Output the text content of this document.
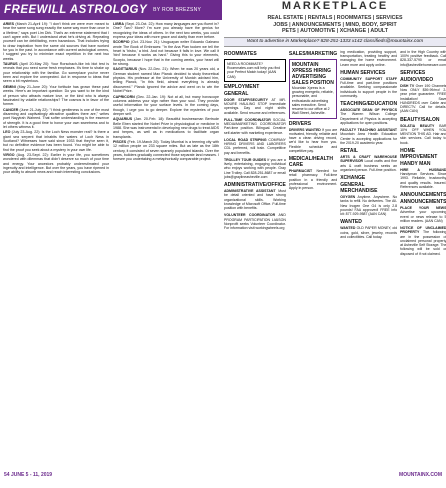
FREEWILL ASTROLOGY BY ROB BREZSNY

ARIES (March 21-April 19): "I don't think we were ever meant to hear the same song sung exactly the same way more than once in a lifetime," says poet Lim Dirk. That's an extreme statement that I can't agree with. But I understand what he's driving at. Repeating yourself can be debilitating, even hazardous. That includes trying to draw inspiration from the same old sources that have worked for you in the past. In accordance with current astrological omens, I suggest you try to minimize exact repetition in the next two weeks.

TAURUS (April 20-May 20): Your Rorschach-like ink blot test is reveals that you need some fresh emphases. It's time to shake up your relationship with the familiar. Go someplace you've never been and explore the unexpected. Act in response to ideas that seem a bit mysterious.

GEMINI (May 21-June 20): Your fortitude has grown these past weeks. Here's an important question: Do you want to be the kind of person who attracts mature love, or the kind who is always fascinated by volatile relationships? The cosmos is in favor of the former.

CANCER (June 21-July 22): "I think gentleness is one of the most disarming and captivatingly attractive qualities there are," writes poet Nayyirah Waheed. That softer understanding is the essence of strength. It is a good time to honor your own sweetness and to let others witness it.

LEO (July 23-Aug. 22): Is the Loch Ness monster real? Is there a giant sea serpent that inhabits the waters of Loch Ness in Scotland? Witnesses have said since 1933 that they've seen it, but no definitive evidence has been found. You might be able to find the proof you seek about a mystery in your own life.

VIRGO (Aug. 23-Sept. 22): Earlier in your life, you sometimes wondered with dilemmas that didn't deserve so much of your time and energy. Your ancestors probably underestimated your ingenuity and intelligence. But over the years, you have ripened in your ability to absorb news and reach interesting conclusions.

LIBRA (Sept. 23-Oct. 22): How many languages are you fluent in? One? Two? More? I'm sure you already have the genius for recognizing the ideas of others. In the next two weeks, you could express your ideas with more grace and clarity than ever before.

SCORPIO (Oct. 23-Nov. 21): Uruguayan writer Eduardo Galeano wrote The Book of Embraces: "In the Ana Plan tooken we tell the heart is 'bisbo,' a bird. And not because it falls in love. We call it 'bird' because it works as hard." Giving this to your elements, Scorpio, because I hope that in the coming weeks, your heart will be strong.

SAGITTARIUS (Nov. 22-Dec. 21): When he was 20 years old, a German student named Max Planck decided to study theoretical physics. His professor at the University of Munich advised him, telling Planck, "In this field, almost everything is already discovered." Planck ignored the advice and went on to win the Nobel Prize.

CAPRICORN (Dec. 22-Jan. 19): Not at all, but many horoscope columns address your sign rather than your soul. They provide useful information for your surface levels. In the coming days, though, I urge you to go deeper. Explore the mysteries of your deeper self.

AQUARIUS (Jan. 20-Feb. 18): Beautiful businessman Bertrude Belle Eben started the Nobel Prize in physiological or medicine in 1988. She was instrumental in developing new drugs to treat AIDS and herpes, as well as in medications to facilitate organ transplants.

PISCES (Feb. 19-March 20): Today Mumbai is a teeming city with 12 million people on 233 square miles. But as late as the 18th century, it consisted of seven sparsely populated islands. Over the years, builders gradually connected those separate land masses. I foresee you undertaking a metaphorically comparable project.

MARKETPLACE
REAL ESTATE | RENTALS | ROOMMATES | SERVICES
JOBS | ANNOUNCEMENTS | MIND, BODY, SPIRIT
PETS | AUTOMOTIVE | XCHANGE | ADULT
Want to advertise in Marketplace? 828-251-1333 x142 classifieds@mountainx.com
ROOMMATES
NEED A ROOMMATE? Roommates.com will help you find your Perfect Match today! (AAN CAN)
EMPLOYMENT
GENERAL
DOOR STAFF/SECURITY AT MR. MOURE HAULING STOP Immediate openings. Day and night shifts available. Send resume and references.
FULL-TIME COORDINATOR SOCIAL MEDIA/MARKETING COORDINATOR Part-time position. Bilingual. Creative self-starter with marketing experience.
LOCAL ROAD STRIPING COMPANY HIRING DRIVERS AND LABORERS CDL preferred, will train. Competitive pay and benefits.
TROLLEY TOUR GUIDES If you are a lively, entertaining, engaging individual who enjoys working with people. Gray Line Trolley. Call 828-251-8687 or email jobs@graylineasheville.com
ADMINISTRATIVE/OFFICE
ADMINISTRATIVE ASSISTANT Must be detail oriented and have strong organizational skills. Working knowledge of Microsoft Office. Full-time position with benefits.
VOLUNTEER COORDINATOR AND PROGRAM PARTICIPATION LIAISON Nonprofit seeks Volunteer Coordinator. For information visit workingwheels.org
SALES/MARKETING
MOUNTAIN XPRESS HIRING ADVERTISING SALES POSITION
Mountain Xpress is a growing energetic, reliable, personable, and enthusiastic advertising sales executive. Send resume to our office at 2 Wall Street, Asheville.
DRIVERS
DRIVERS WANTED If you are motivated, friendly, reliable and have a clean driving record, we'd like to hear from you. Flexible schedule and competitive pay.
MEDICAL/HEALTH CARE
PHARMACIST Needed for retail pharmacy. Full-time position in a friendly and professional environment. Apply in person.
ing medication, providing support, transportation, treating healthy and managing the home environment. Learn more and apply online.
HUMAN SERVICES
COMMUNITY SUPPORT STAFF Full-time and part-time positions available. Seeking compassionate individuals to support people in the community.
TEACHING/EDUCATION
ASSOCIATE DEAN OF PHYSICS The Warren Wilson College Department of Physics is accepting applications for open positions.
FACULTY TEACHING ASSISTANT Mountain Area Health Education Center is accepting applications for the 2019-20 academic year.
RETAIL
ARTS & CRAFT WAREHOUSE SUPERVISOR Local crafts and fine arts & craft business seeks an organized person. Full-time position.
XCHANGE
GENERAL MERCHANDISE
OXYGEN Anytime. Anywhere. No tanks to refill. No deliveries. The All-New Inogen One G4 is only 2.8 pounds! FAA approved! FREE info kit: 877-929-9587 (AAN CAN)
WANTED
WANTED OLD PAPER MONEY, old coins, gold, silver, jewelry, records and collectibles. Call today.
and in the High Country with 100% positive feedback. Call 828-337-5790 or email info@ashevillehomecare.com
SERVICES
AUDIO/VIDEO
DISH TV Over 190 Channels Now ONLY $59.99/mo! 2-year price guarantee. FREE Installation! Save HUNDREDS over Cable and DIRECTV. Call for details. (AAN CAN)
BEAUTY/SALON
SOLATIA BEAUTY BAR 10% OFF WHEN YOU MENTION THIS AD. Hair and skin services. Call today to book.
HOME IMPROVEMENT
HANDY MAN
HIRE A HUSBAND Handyman Services. Since 1993. Reliable, trustworthy and quality results. Insured. References available.
ANNOUNCEMENTS
ANNOUNCEMENTS
PLACE YOUR NEWS Advertise your upcoming event or news release to 5 million readers. (AAN CAN)
NOTICE OF UNCLAIMED PROPERTY The following are in the possession of unclaimed personal property at Asheville Self Storage. The following will be sold or disposed of if not claimed.
54 JUNE 5 - 11, 2019	MOUNTAINX.COM
